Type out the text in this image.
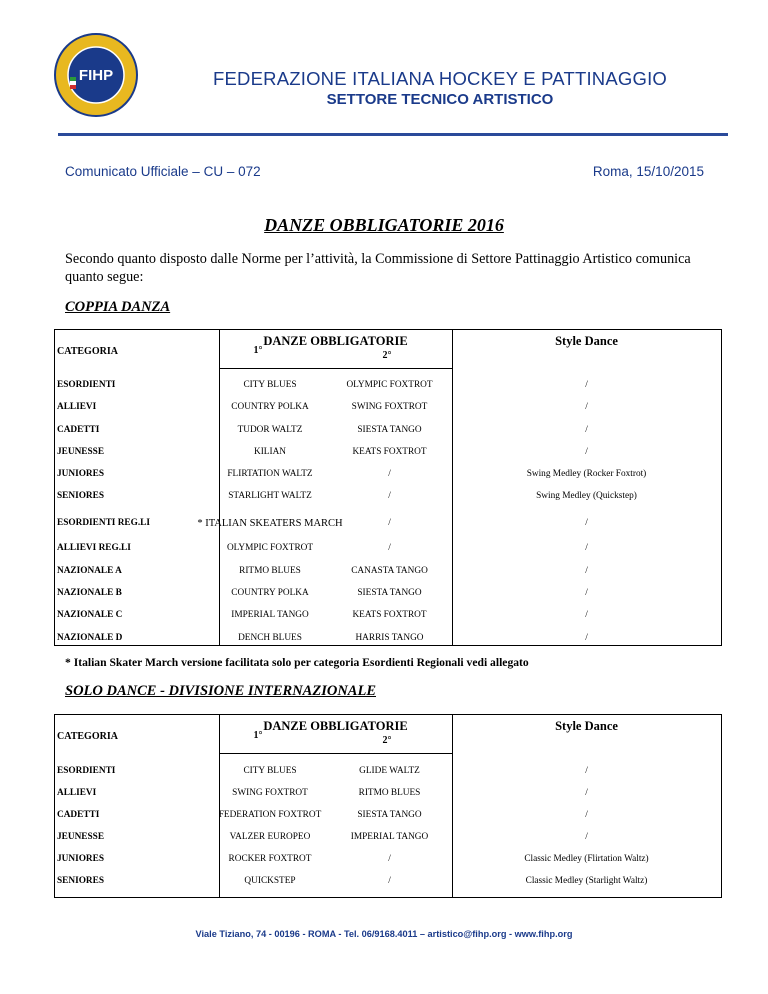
FIHP	FEDERAZIONE ITALIANA HOCKEY E PATTINAGGIO
SETTORE TECNICO ARTISTICO
Comunicato Ufficiale – CU – 072	Roma, 15/10/2015
DANZE OBBLIGATORIE 2016
Secondo quanto disposto dalle Norme per l’attività, la Commissione di Settore Pattinaggio Artistico comunica quanto segue:
COPPIA DANZA
CATEGORIA
DANZE OBBLIGATORIE
1°	2°
Style Dance
ESORDIENTI	CITY BLUES	OLYMPIC FOXTROT	/
ALLIEVI	COUNTRY POLKA	SWING FOXTROT	/
CADETTI	TUDOR WALTZ	SIESTA TANGO	/
JEUNESSE	KILIAN	KEATS FOXTROT	/
JUNIORES	FLIRTATION WALTZ	/	Swing Medley (Rocker Foxtrot)
SENIORES	STARLIGHT WALTZ	/	Swing Medley (Quickstep)
ESORDIENTI REG.LI	* ITALIAN SKEATERS MARCH	/	/
ALLIEVI REG.LI	OLYMPIC FOXTROT	/	/
NAZIONALE A	RITMO BLUES	CANASTA TANGO	/
NAZIONALE B	COUNTRY POLKA	SIESTA TANGO	/
NAZIONALE C	IMPERIAL TANGO	KEATS FOXTROT	/
NAZIONALE D	DENCH BLUES	HARRIS TANGO	/
* Italian Skater March versione facilitata solo per categoria Esordienti Regionali vedi allegato
SOLO DANCE - DIVISIONE INTERNAZIONALE
CATEGORIA
DANZE OBBLIGATORIE
1°	2°
Style Dance
ESORDIENTI	CITY BLUES	GLIDE WALTZ	/
ALLIEVI	SWING FOXTROT	RITMO BLUES	/
CADETTI	FEDERATION FOXTROT	SIESTA TANGO	/
JEUNESSE	VALZER EUROPEO	IMPERIAL TANGO	/
JUNIORES	ROCKER FOXTROT	/	Classic Medley (Flirtation Waltz)
SENIORES	QUICKSTEP	/	Classic Medley (Starlight Waltz)
Viale Tiziano, 74 - 00196 - ROMA - Tel. 06/9168.4011 – artistico@fihp.org - www.fihp.org
